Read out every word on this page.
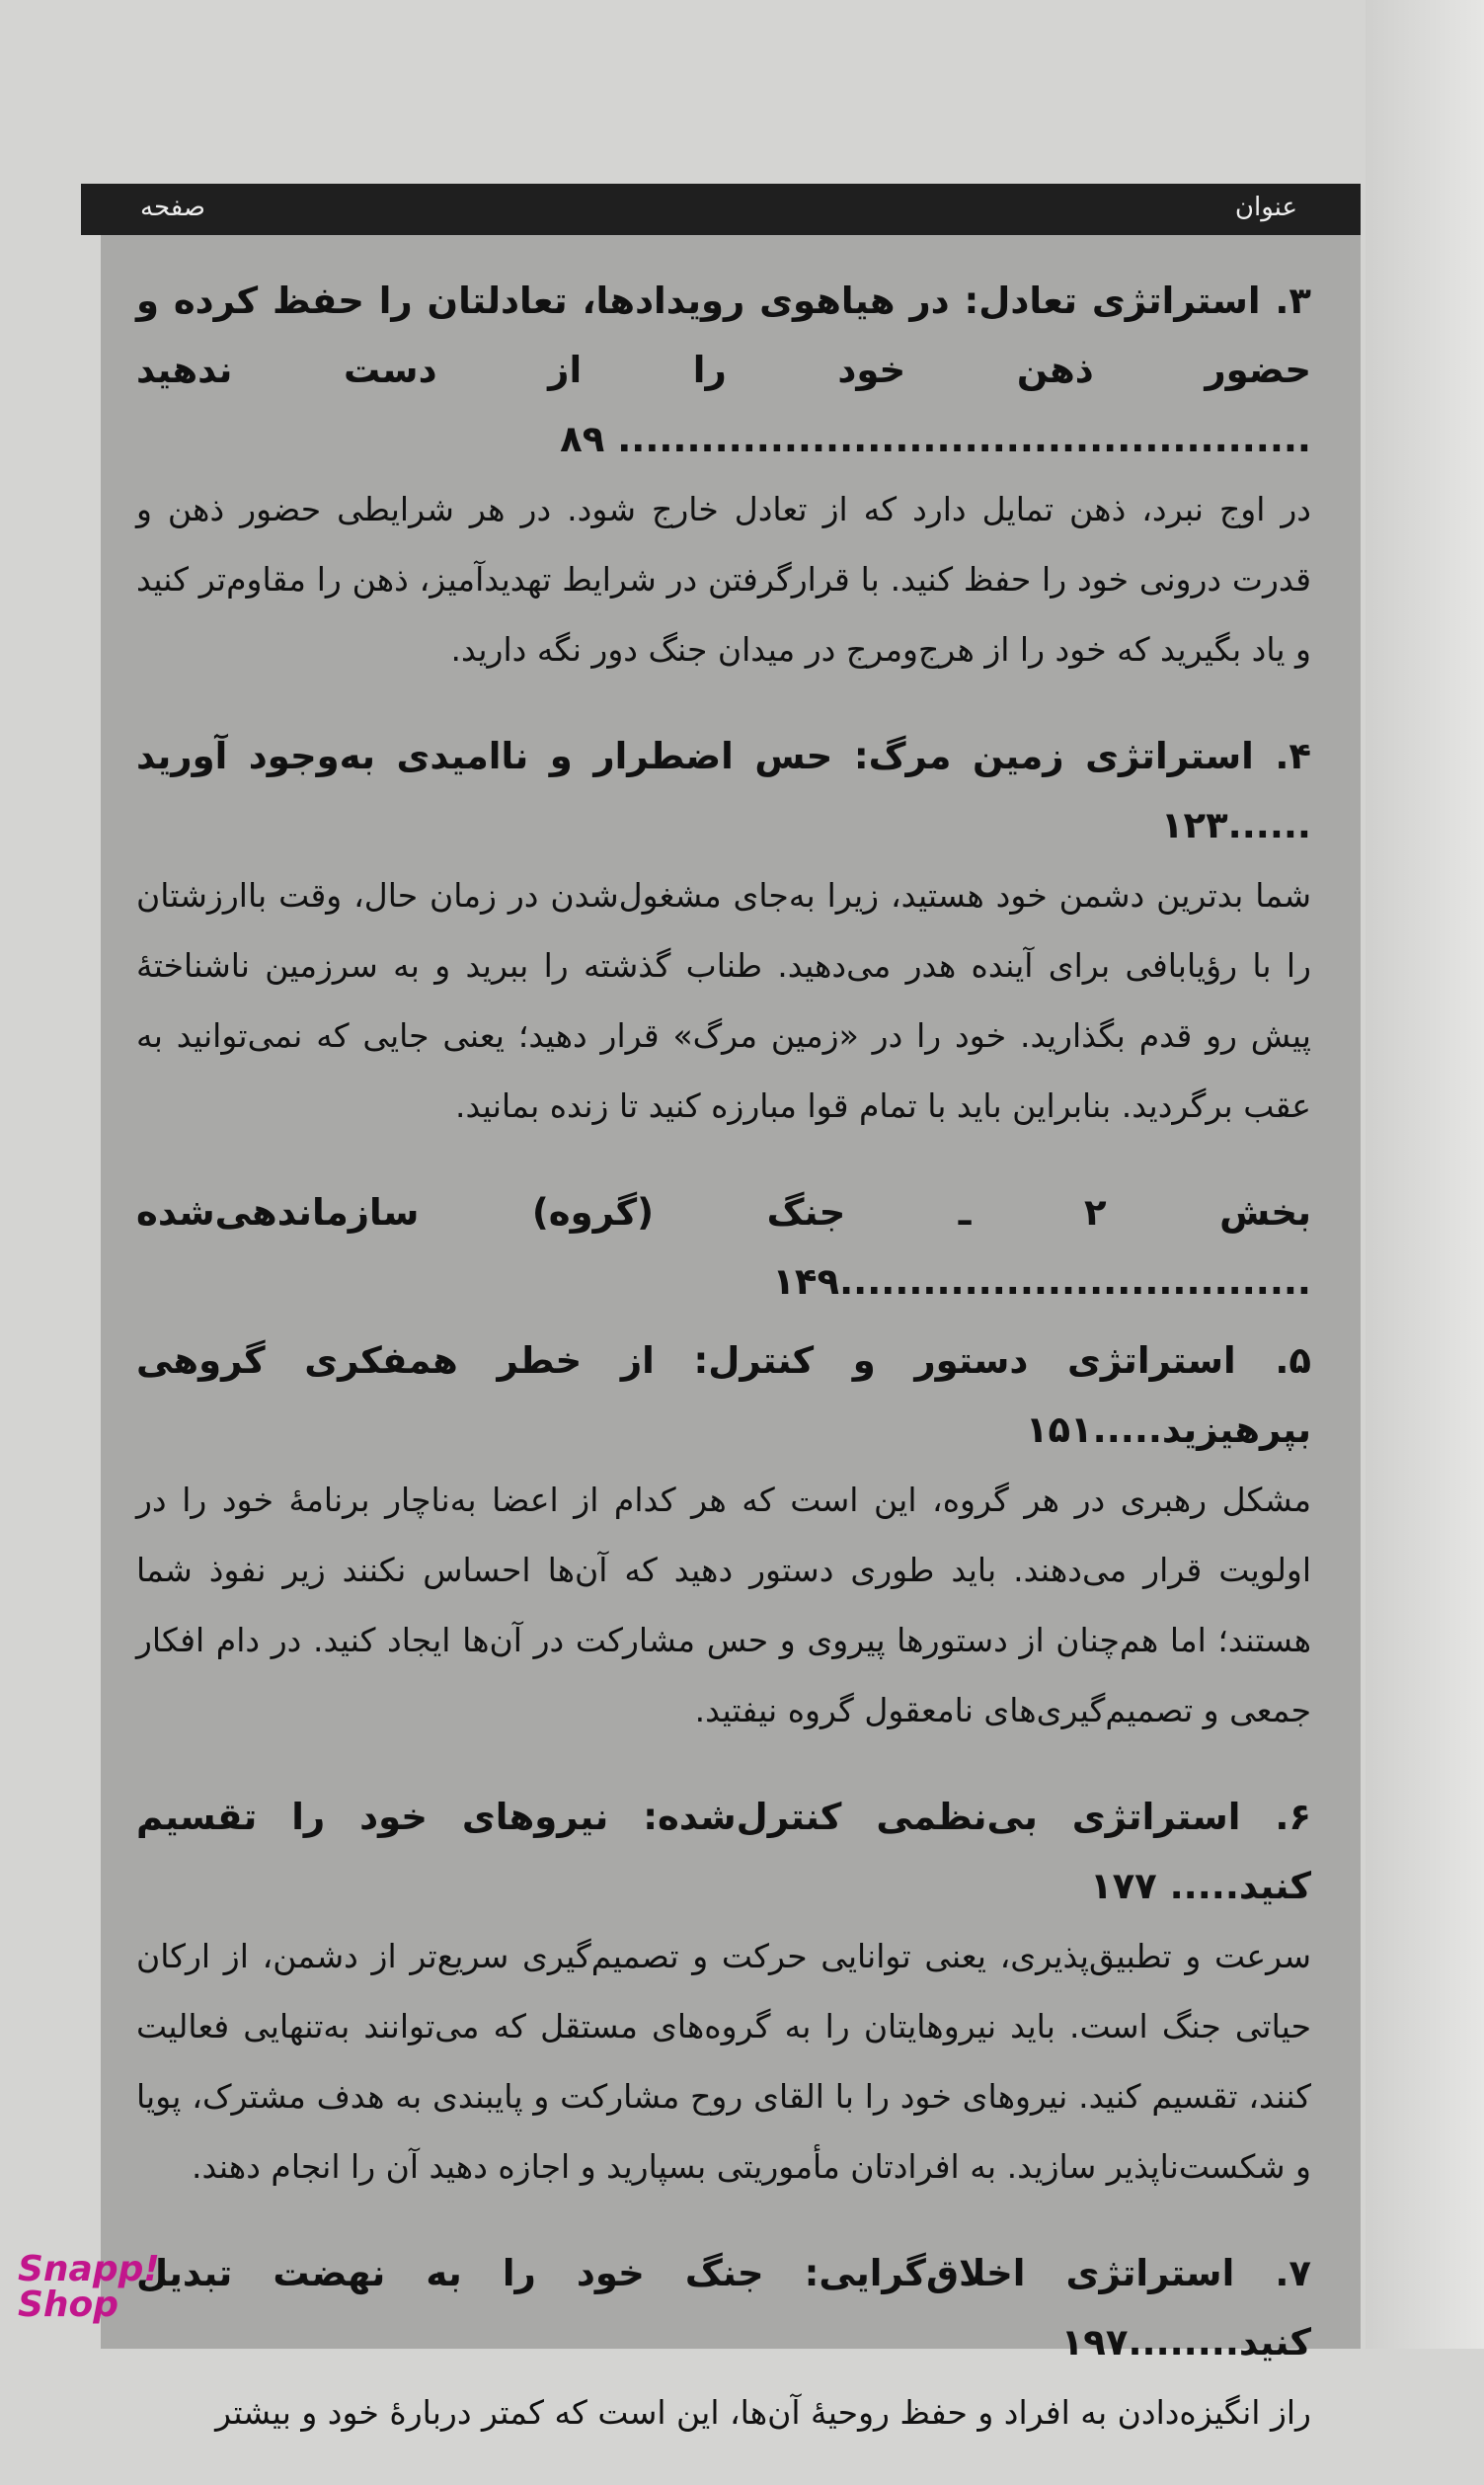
عنوان
صفحه

۳. استراتژی تعادل: در هیاهوی رویدادها، تعادلتان را حفظ کرده و حضور ذهن خود را از دست ندهید .................................................. ۸۹

در اوج نبرد، ذهن تمایل دارد که از تعادل خارج شود. در هر شرایطی حضور ذهن و قدرت درونی خود را حفظ کنید. با قرارگرفتن در شرایط تهدیدآمیز، ذهن را مقاوم‌تر کنید و یاد بگیرید که خود را از هرج‌ومرج در میدان جنگ دور نگه دارید.

۴. استراتژی زمین مرگ: حس اضطرار و ناامیدی به‌وجود آورید ......۱۲۳

شما بدترین دشمن خود هستید، زیرا به‌جای مشغول‌شدن در زمان حال، وقت باارزشتان را با رؤیابافی برای آینده هدر می‌دهید. طناب گذشته را ببرید و به سرزمین ناشناختهٔ پیش رو قدم بگذارید. خود را در «زمین مرگ» قرار دهید؛ یعنی جایی که نمی‌توانید به عقب برگردید. بنابراین باید با تمام قوا مبارزه کنید تا زنده بمانید.

بخش ۲ ـ جنگ (گروه) سازماندهی‌شده ..................................۱۴۹

۵. استراتژی دستور و کنترل: از خطر همفکری گروهی بپرهیزید.....۱۵۱

مشکل رهبری در هر گروه، این است که هر کدام از اعضا به‌ناچار برنامهٔ خود را در اولویت قرار می‌دهند. باید طوری دستور دهید که آن‌ها احساس نکنند زیر نفوذ شما هستند؛ اما هم‌چنان از دستورها پیروی و حس مشارکت در آن‌ها ایجاد کنید. در دام افکار جمعی و تصمیم‌گیری‌های نامعقول گروه نیفتید.

۶. استراتژی بی‌نظمی کنترل‌شده: نیروهای خود را تقسیم کنید..... ۱۷۷

سرعت و تطبیق‌پذیری، یعنی توانایی حرکت و تصمیم‌گیری سریع‌تر از دشمن، از ارکان حیاتی جنگ است. باید نیروهایتان را به گروه‌های مستقل که می‌توانند به‌تنهایی فعالیت کنند، تقسیم کنید. نیروهای خود را با القای روح مشارکت و پایبندی به هدف مشترک، پویا و شکست‌ناپذیر سازید. به افرادتان مأموریتی بسپارید و اجازه دهید آن را انجام دهند.

۷. استراتژی اخلاق‌گرایی: جنگ خود را به نهضت تبدیل کنید........۱۹۷

راز انگیزه‌دادن به افراد و حفظ روحیهٔ آن‌ها، این است که کمتر دربارهٔ خود و بیشتر

Snapp!
Shop
